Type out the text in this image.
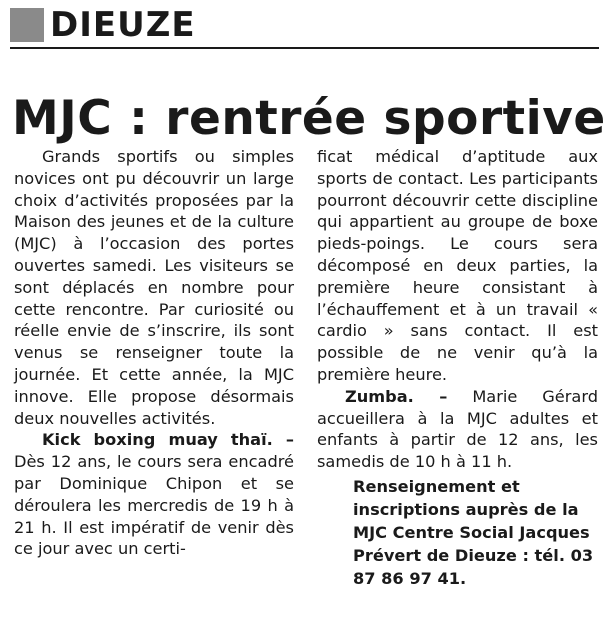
DIEUZE
MJC : rentrée sportive

Grands sportifs ou simples novices ont pu découvrir un large choix d’activités proposées par la Maison des jeunes et de la culture (MJC) à l’occasion des portes ouvertes samedi. Les visiteurs se sont déplacés en nombre pour cette rencontre. Par curiosité ou réelle envie de s’inscrire, ils sont venus se renseigner toute la journée. Et cette année, la MJC innove. Elle propose désormais deux nouvelles activités.

Kick boxing muay thaï. – Dès 12 ans, le cours sera encadré par Dominique Chipon et se déroulera les mercredis de 19 h à 21 h. Il est impératif de venir dès ce jour avec un certi-

ficat médical d’aptitude aux sports de contact. Les participants pourront découvrir cette discipline qui appartient au groupe de boxe pieds-poings. Le cours sera décomposé en deux parties, la première heure consistant à l’échauffement et à un travail « cardio » sans contact. Il est possible de ne venir qu’à la première heure.

Zumba. – Marie Gérard accueillera à la MJC adultes et enfants à partir de 12 ans, les samedis de 10 h à 11 h.

Renseignement et inscriptions auprès de la MJC Centre Social Jacques Prévert de Dieuze : tél. 03 87 86 97 41.
